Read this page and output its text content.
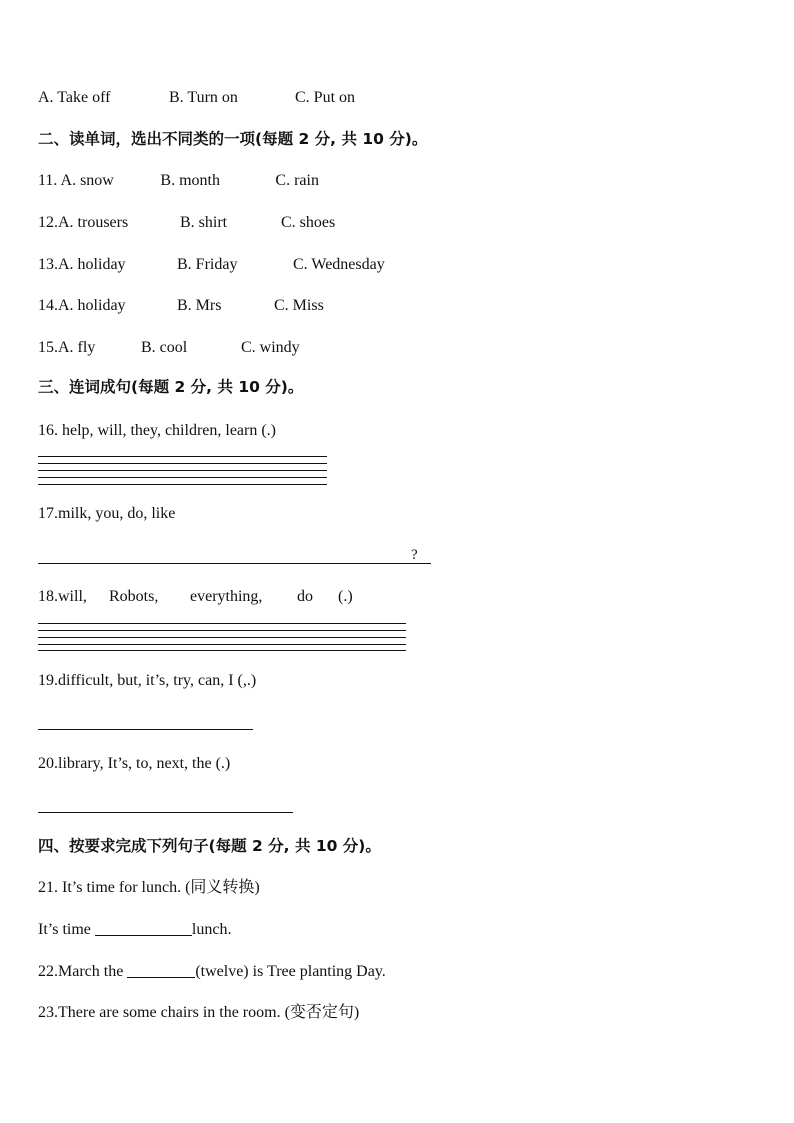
A. Take off	B. Turn on	C. Put on
二、读单词，选出不同类的一项(每题 2 分, 共 10 分)。
11. A. snow	B. month	C. rain
12.A. trousers	B. shirt	C. shoes
13.A. holiday	B. Friday	C. Wednesday
14.A. holiday	B. Mrs	C. Miss
15.A. fly	B. cool	C. windy
三、连词成句(每题 2 分, 共 10 分)。
16. help, will, they, children, learn (.)
17.milk, you, do, like
?
18.will, Robots, everything, do (.)
19.difficult, but, it’s, try, can, I (,.)
20.library, It’s, to, next, the (.)
四、按要求完成下列句子(每题 2 分, 共 10 分)。
21. It’s time for lunch. (同义转换)
It’s time	lunch.
22.March the	(twelve) is Tree planting Day.
23.There are some chairs in the room. (变否定句)
